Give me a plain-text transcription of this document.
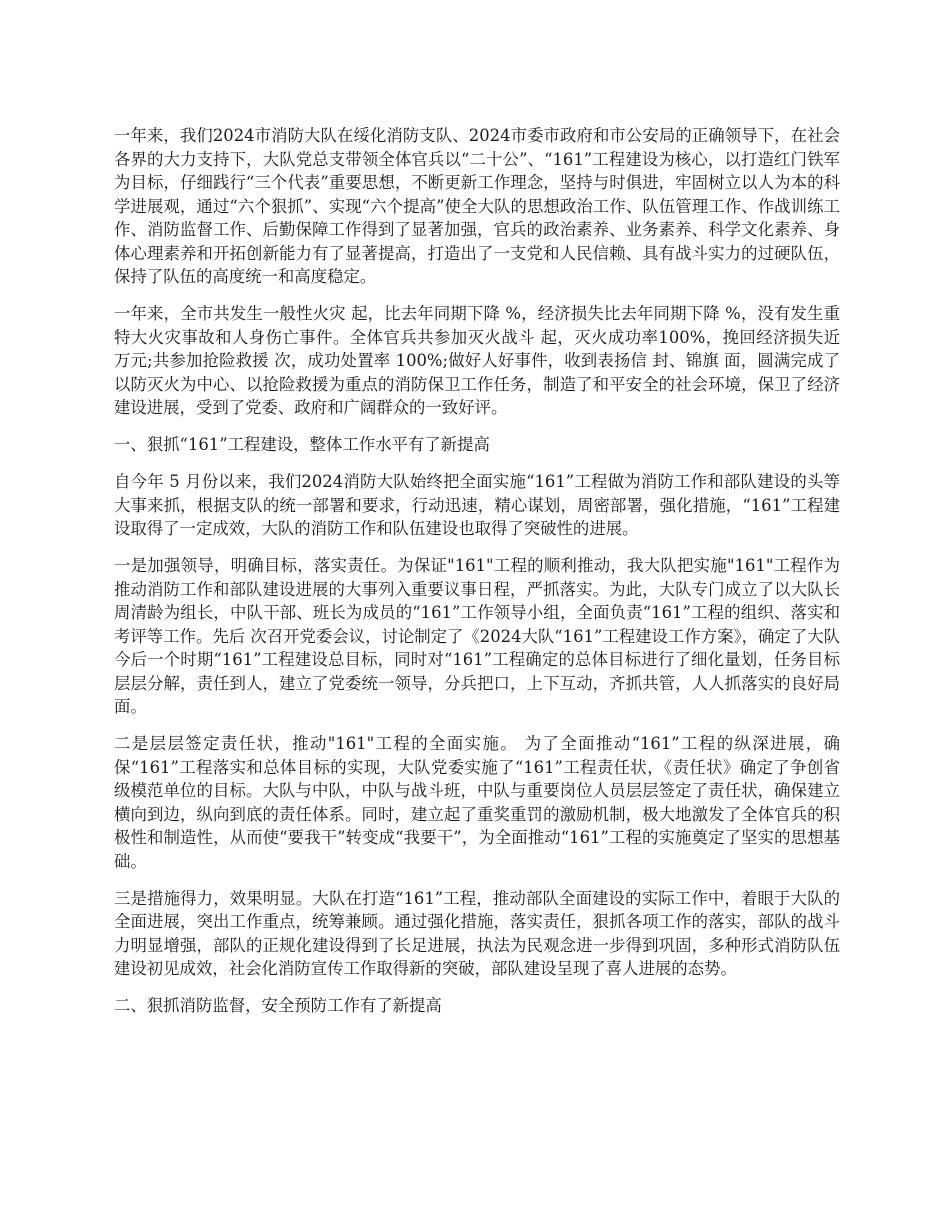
一年来，我们2024市消防大队在绥化消防支队、2024市委市政府和市公安局的正确领导下，在社会各界的大力支持下，大队党总支带领全体官兵以“二十公”、“161”工程建设为核心，以打造红门铁军为目标，仔细践行“三个代表”重要思想，不断更新工作理念，坚持与时俱进，牢固树立以人为本的科学进展观，通过“六个狠抓”、实现“六个提高”使全大队的思想政治工作、队伍管理工作、作战训练工作、消防监督工作、后勤保障工作得到了显著加强，官兵的政治素养、业务素养、科学文化素养、身体心理素养和开拓创新能力有了显著提高，打造出了一支党和人民信赖、具有战斗实力的过硬队伍，保持了队伍的高度统一和高度稳定。

一年来，全市共发生一般性火灾 起，比去年同期下降 %，经济损失比去年同期下降 %，没有发生重特大火灾事故和人身伤亡事件。全体官兵共参加灭火战斗 起，灭火成功率100%，挽回经济损失近 万元;共参加抢险救援 次，成功处置率 100%;做好人好事件，收到表扬信 封、锦旗 面，圆满完成了以防灭火为中心、以抢险救援为重点的消防保卫工作任务，制造了和平安全的社会环境，保卫了经济建设进展，受到了党委、政府和广阔群众的一致好评。

一、狠抓“161”工程建设，整体工作水平有了新提高

自今年 5 月份以来，我们2024消防大队始终把全面实施“161”工程做为消防工作和部队建设的头等大事来抓，根据支队的统一部署和要求，行动迅速，精心谋划，周密部署，强化措施，“161”工程建设取得了一定成效，大队的消防工作和队伍建设也取得了突破性的进展。

一是加强领导，明确目标，落实责任。为保证"161"工程的顺利推动，我大队把实施"161"工程作为推动消防工作和部队建设进展的大事列入重要议事日程，严抓落实。为此，大队专门成立了以大队长周清龄为组长，中队干部、班长为成员的“161”工作领导小组，全面负责“161”工程的组织、落实和考评等工作。先后 次召开党委会议，讨论制定了《2024大队“161”工程建设工作方案》，确定了大队今后一个时期“161”工程建设总目标，同时对“161”工程确定的总体目标进行了细化量划，任务目标层层分解，责任到人，建立了党委统一领导，分兵把口，上下互动，齐抓共管，人人抓落实的良好局面。

二是层层签定责任状，推动"161"工程的全面实施。 为了全面推动“161”工程的纵深进展，确保“161”工程落实和总体目标的实现，大队党委实施了“161”工程责任状，《责任状》确定了争创省级模范单位的目标。大队与中队，中队与战斗班，中队与重要岗位人员层层签定了责任状，确保建立横向到边，纵向到底的责任体系。同时，建立起了重奖重罚的激励机制，极大地激发了全体官兵的积极性和制造性，从而使“要我干”转变成“我要干”，为全面推动“161”工程的实施奠定了坚实的思想基础。

三是措施得力，效果明显。大队在打造“161”工程，推动部队全面建设的实际工作中，着眼于大队的全面进展，突出工作重点，统筹兼顾。通过强化措施，落实责任，狠抓各项工作的落实，部队的战斗力明显增强，部队的正规化建设得到了长足进展，执法为民观念进一步得到巩固，多种形式消防队伍建设初见成效，社会化消防宣传工作取得新的突破，部队建设呈现了喜人进展的态势。

二、狠抓消防监督，安全预防工作有了新提高
